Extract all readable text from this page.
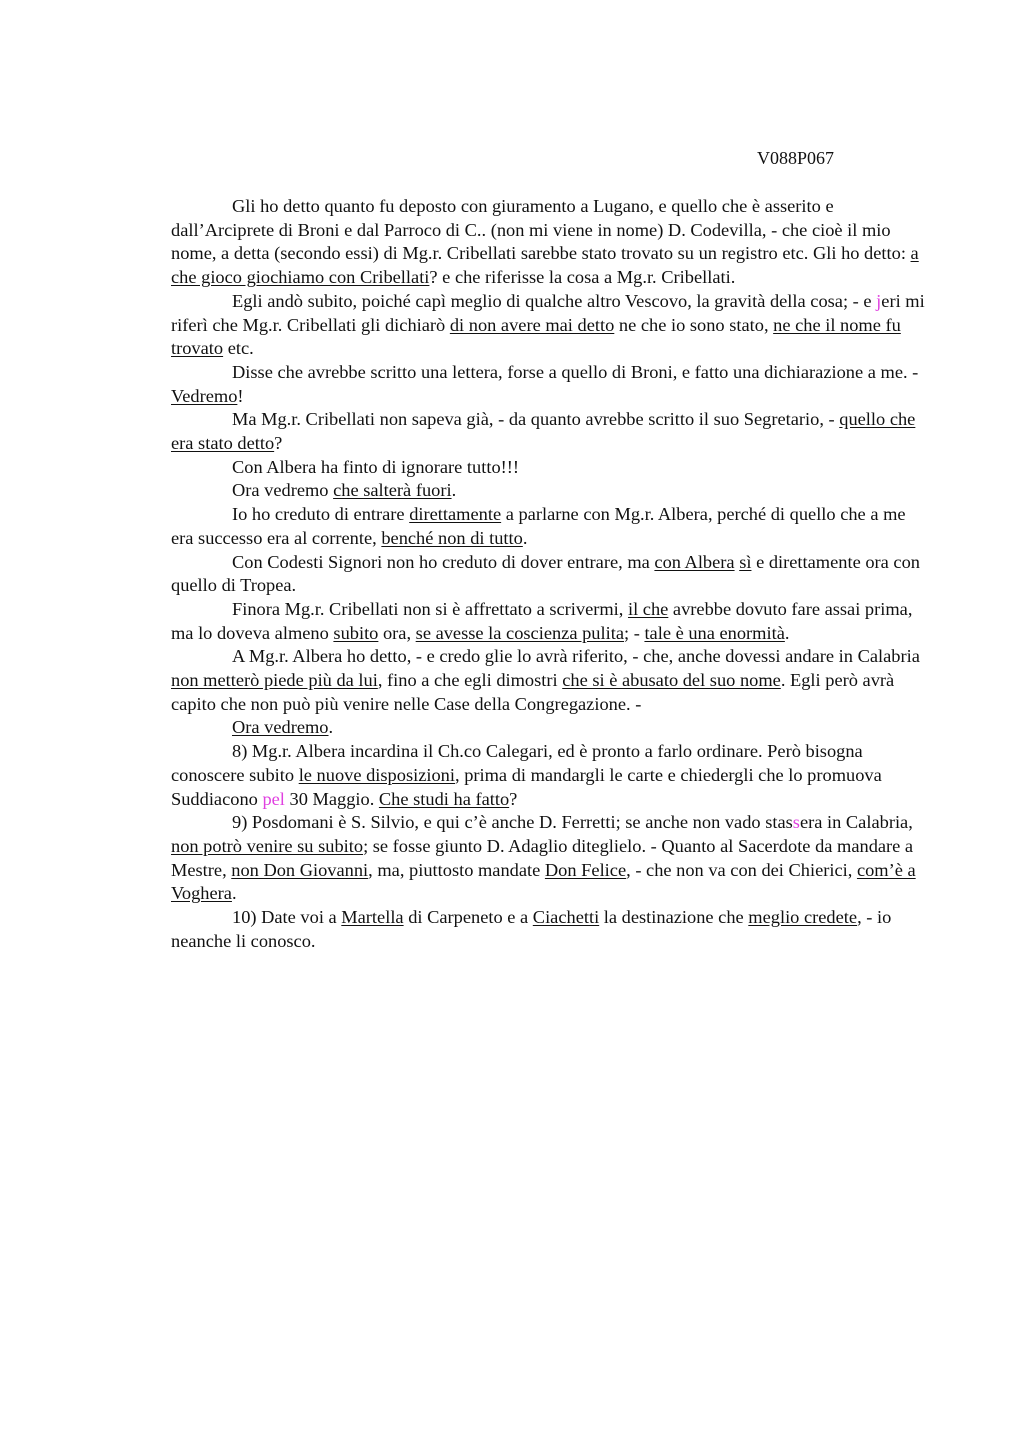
V088P067

Gli ho detto quanto fu deposto con giuramento a Lugano, e quello che è asserito e dall’Arciprete di Broni e dal Parroco di C.. (non mi viene in nome) D. Codevilla, - che cioè il mio nome, a detta (secondo essi) di Mg.r. Cribellati sarebbe stato trovato su un registro etc. Gli ho detto: a che gioco giochiamo con Cribellati? e che riferisse la cosa a Mg.r. Cribellati.

Egli andò subito, poiché capì meglio di qualche altro Vescovo, la gravità della cosa; - e jeri mi riferì che Mg.r. Cribellati gli dichiarò di non avere mai detto ne che io sono stato, ne che il nome fu trovato etc.

Disse che avrebbe scritto una lettera, forse a quello di Broni, e fatto una dichiarazione a me. - Vedremo!

Ma Mg.r. Cribellati non sapeva già, - da quanto avrebbe scritto il suo Segretario, - quello che era stato detto?

Con Albera ha finto di ignorare tutto!!!

Ora vedremo che salterà fuori.

Io ho creduto di entrare direttamente a parlarne con Mg.r. Albera, perché di quello che a me era successo era al corrente, benché non di tutto.

Con Codesti Signori non ho creduto di dover entrare, ma con Albera sì e direttamente ora con quello di Tropea.

Finora Mg.r. Cribellati non si è affrettato a scrivermi, il che avrebbe dovuto fare assai prima, ma lo doveva almeno subito ora, se avesse la coscienza pulita; - tale è una enormità.

A Mg.r. Albera ho detto, - e credo glie lo avrà riferito, - che, anche dovessi andare in Calabria non metterò piede più da lui, fino a che egli dimostri che si è abusato del suo nome. Egli però avrà capito che non può più venire nelle Case della Congregazione. -

Ora vedremo.

8) Mg.r. Albera incardina il Ch.co Calegari, ed è pronto a farlo ordinare. Però bisogna conoscere subito le nuove disposizioni, prima di mandargli le carte e chiedergli che lo promuova Suddiacono pel 30 Maggio. Che studi ha fatto?

9) Posdomani è S. Silvio, e qui c’è anche D. Ferretti; se anche non vado stassera in Calabria, non potrò venire su subito; se fosse giunto D. Adaglio diteglielo. - Quanto al Sacerdote da mandare a Mestre, non Don Giovanni, ma, piuttosto mandate Don Felice, - che non va con dei Chierici, com’è a Voghera.

10) Date voi a Martella di Carpeneto e a Ciachetti la destinazione che meglio credete, - io neanche li conosco.
